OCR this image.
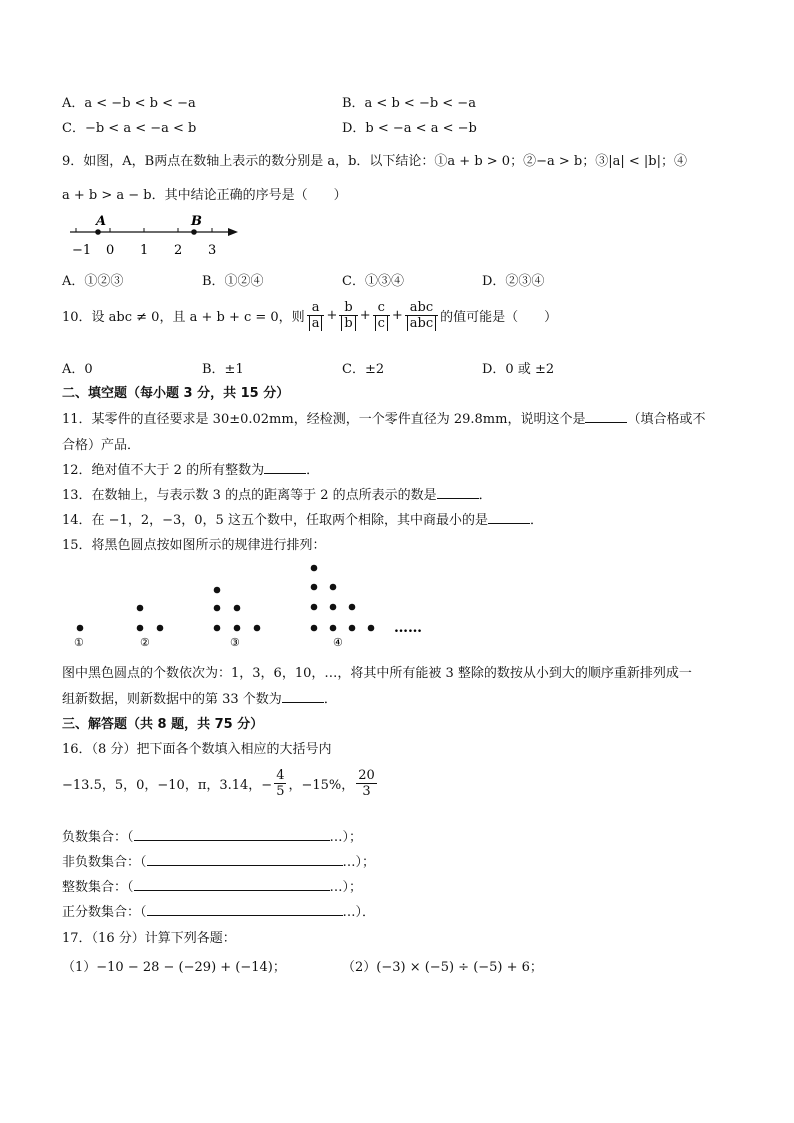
A．a < −b < b < −a	B．a < b < −b < −a
C．−b < a < −a < b	D．b < −a < a < −b
9．如图，A，B两点在数轴上表示的数分别是 a，b．以下结论：①a + b > 0；②−a > b；③|a| < |b|；④
a + b > a − b．其中结论正确的序号是（　　）
−1 0 1 2 3
A	B
A．①②③	B．①②④	C．①③④	D．②③④
10．设 abc ≠ 0，且 a + b + c = 0，则 $\frac{a}{a} + \frac{b}{b} + \frac{c}{c} + \frac{\text{abc}}{\text{abc}}$ 的值可能是（　　）
A．0	B．±1	C．±2	D．0 或 ±2
二、填空题（每小题 3 分，共 15 分）
11．某零件的直径要求是 30±0.02mm，经检测，一个零件直径为 29.8mm，说明这个是	（填合格或不
合格）产品．
12．绝对值不大于 2 的所有整数为	．
13．在数轴上，与表示数 3 的点的距离等于 2 的点所表示的数是	．
14．在 −1，2，−3，0，5 这五个数中，任取两个相除，其中商最小的是	．
15．将黑色圆点按如图所示的规律进行排列：
①	②	③	④
……
图中黑色圆点的个数依次为：1，3，6，10，…，将其中所有能被 3 整除的数按从小到大的顺序重新排列成一
组新数据，则新数据中的第 33 个数为	．
三、解答题（共 8 题，共 75 分）
16．（8 分）把下面各个数填入相应的大括号内
−13.5，5，0，−10，π，3.14，− $\frac{4}{5}$ ，−15%， $\frac{20}{3}$
负数集合：（	…）；
非负数集合：（	…）；
整数集合：（	…）；
正分数集合：（	…）．
17．（16 分）计算下列各题：
（1）−10 − 28 − (−29) + (−14)；	（2）(−3) × (−5) ÷ (−5) + 6；
